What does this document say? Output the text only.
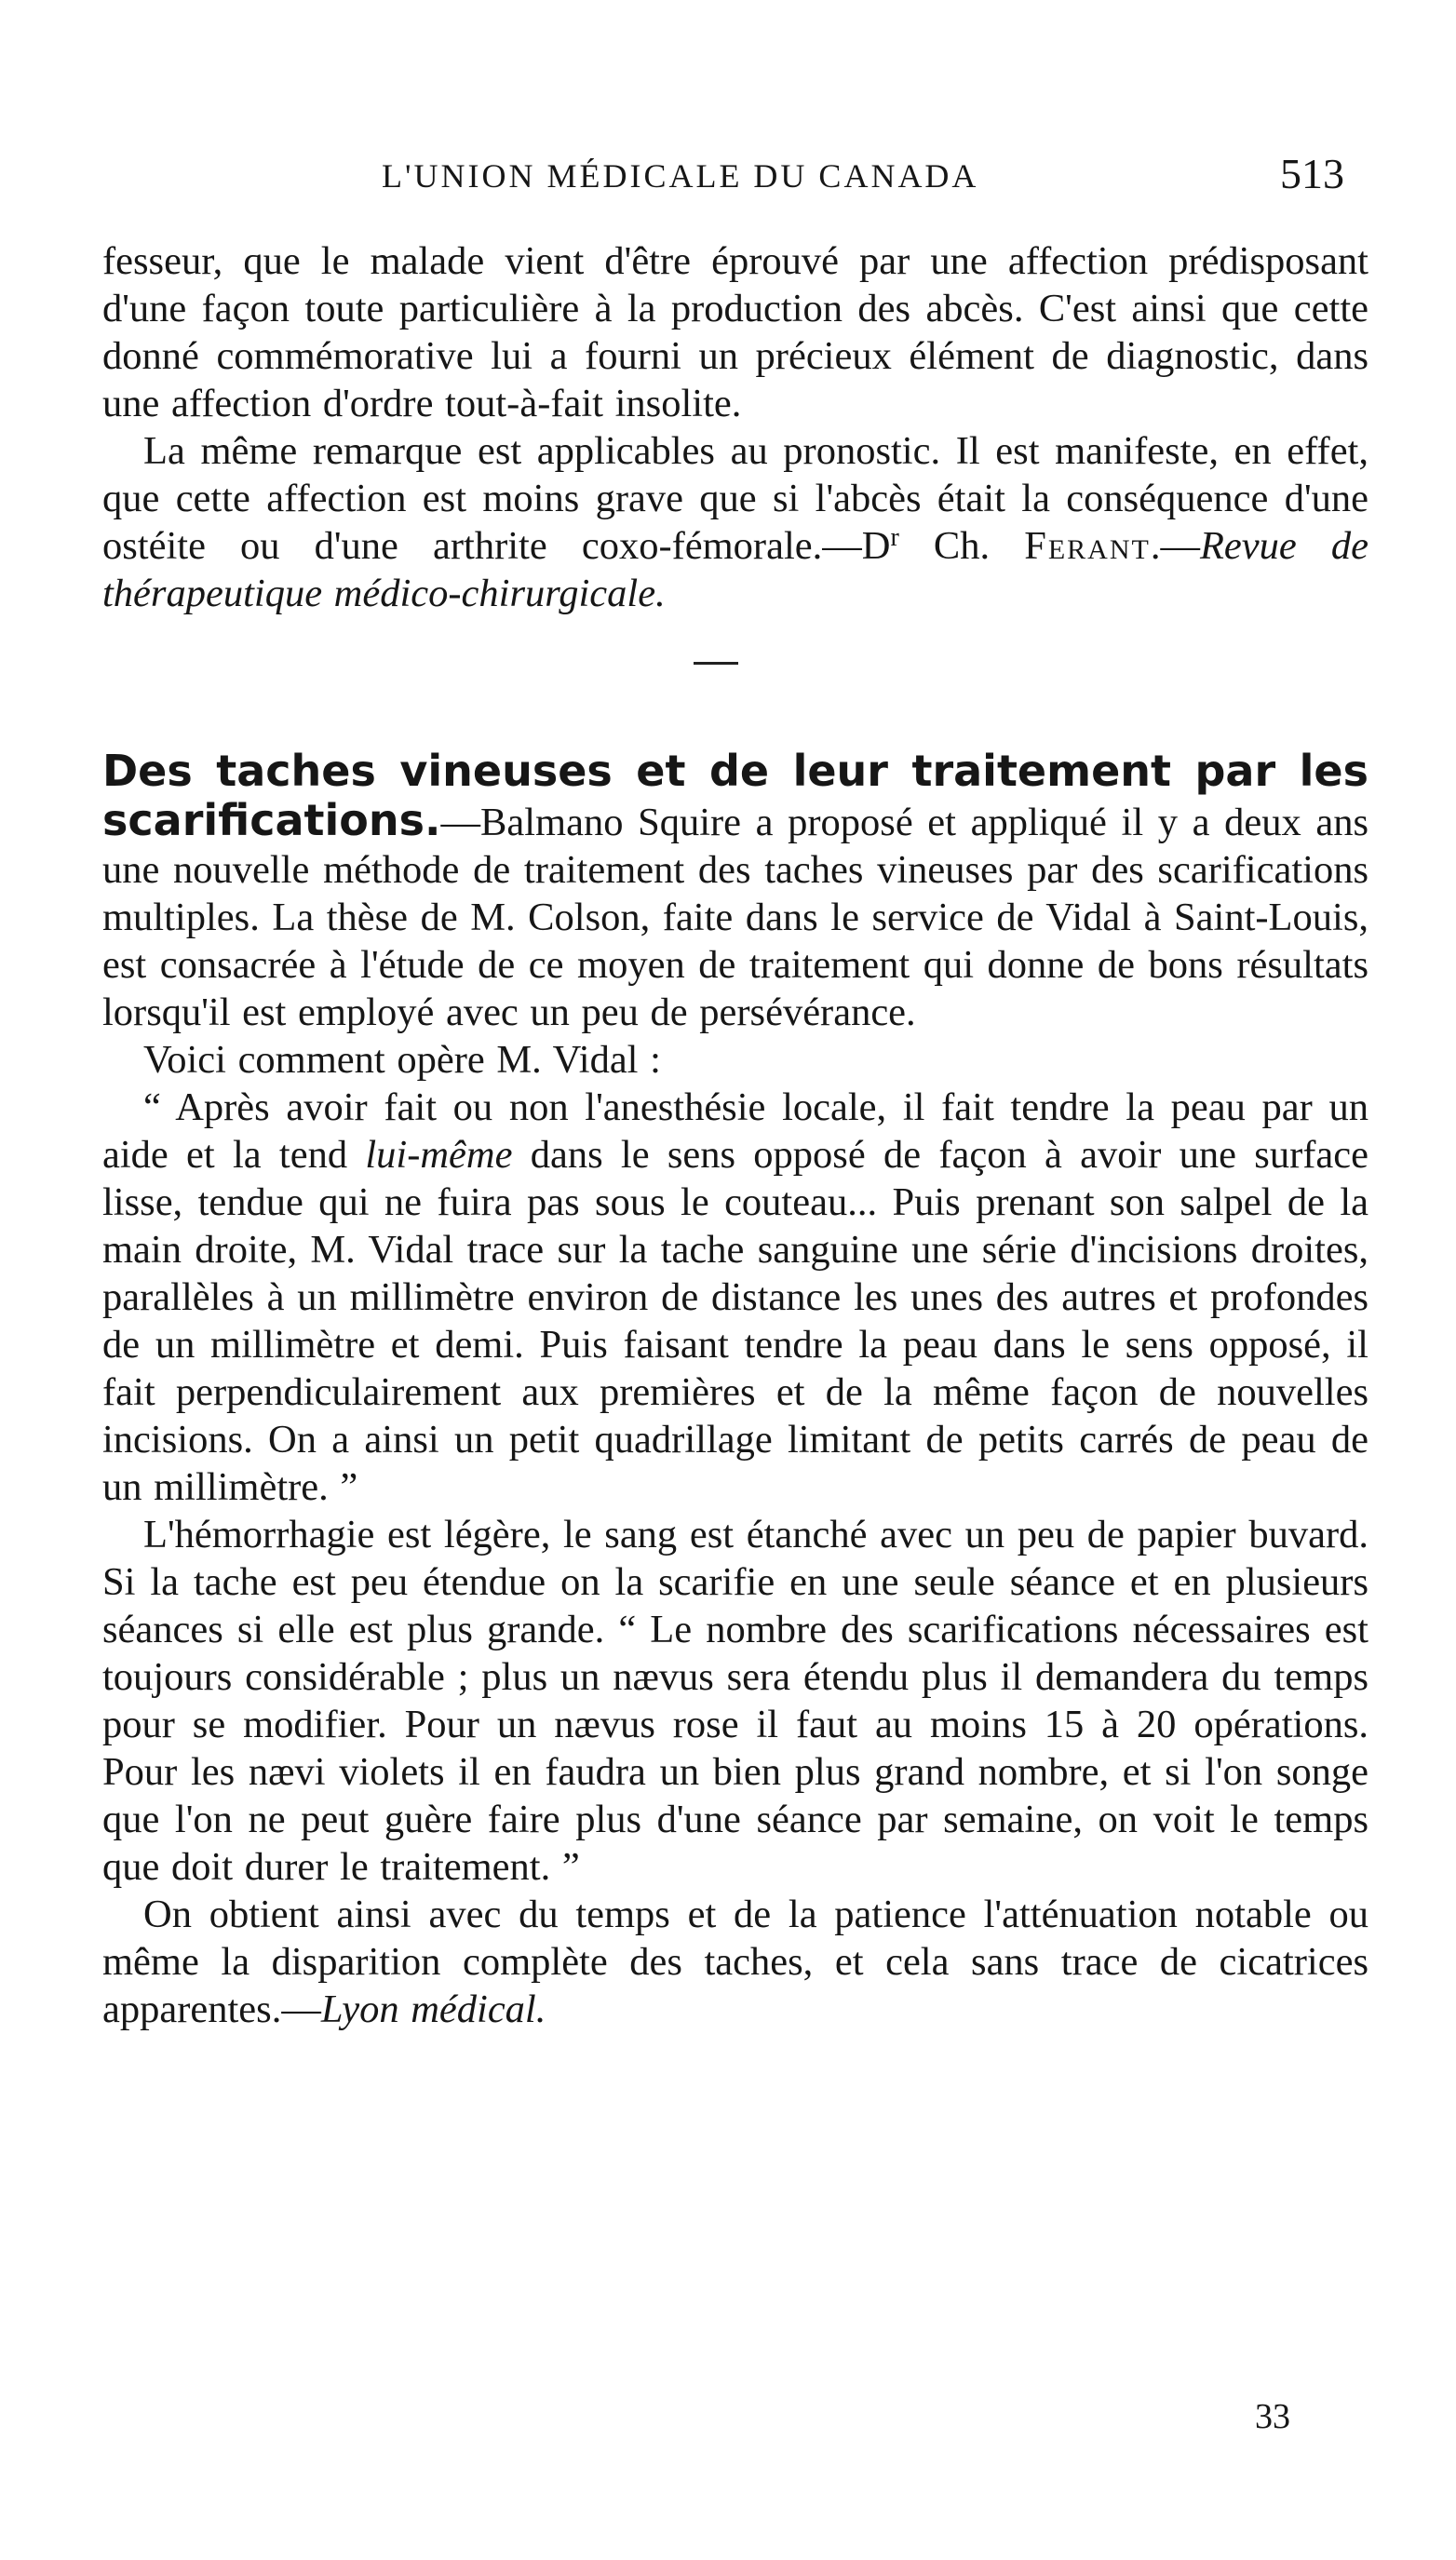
L'UNION MÉDICALE DU CANADA	513

fesseur, que le malade vient d'être éprouvé par une affection prédisposant d'une façon toute particulière à la production des abcès. C'est ainsi que cette donné commémorative lui a fourni un précieux élément de diagnostic, dans une affection d'ordre tout-à-fait insolite.

La même remarque est applicables au pronostic. Il est manifeste, en effet, que cette affection est moins grave que si l'abcès était la conséquence d'une ostéite ou d'une arthrite coxo-$fémorale.—D^r$ Ch. Ferant.—Revue de thérapeutique médico-chirurgicale.

Des taches vineuses et de leur traitement par les scarifications.—Balmano Squire a proposé et appliqué il y a deux ans une nouvelle méthode de traitement des taches vineuses par des scarifications multiples. La thèse de M. Colson, faite dans le service de Vidal à Saint-Louis, est consacrée à l'étude de ce moyen de traitement qui donne de bons résultats lorsqu'il est employé avec un peu de persévérance.

Voici comment opère M. Vidal :

“ Après avoir fait ou non l'anesthésie locale, il fait tendre la peau par un aide et la tend lui-même dans le sens opposé de façon à avoir une surface lisse, tendue qui ne fuira pas sous le couteau... Puis prenant son salpel de la main droite, M. Vidal trace sur la tache sanguine une série d'incisions droites, parallèles à un millimètre environ de distance les unes des autres et profondes de un millimètre et demi. Puis faisant tendre la peau dans le sens opposé, il fait perpendiculairement aux premières et de la même façon de nouvelles incisions. On a ainsi un petit quadrillage limitant de petits carrés de peau de un millimètre. ”

L'hémorrhagie est légère, le sang est étanché avec un peu de papier buvard. Si la tache est peu étendue on la scarifie en une seule séance et en plusieurs séances si elle est plus grande. “ Le nombre des scarifications nécessaires est toujours considérable ; plus un nævus sera étendu plus il demandera du temps pour se modifier. Pour un nævus rose il faut au moins 15 à 20 opérations. Pour les nævi violets il en faudra un bien plus grand nombre, et si l'on songe que l'on ne peut guère faire plus d'une séance par semaine, on voit le temps que doit durer le traitement. ”

On obtient ainsi avec du temps et de la patience l'atténuation notable ou même la disparition complète des taches, et cela sans trace de cicatrices apparentes.—Lyon médical.

33
